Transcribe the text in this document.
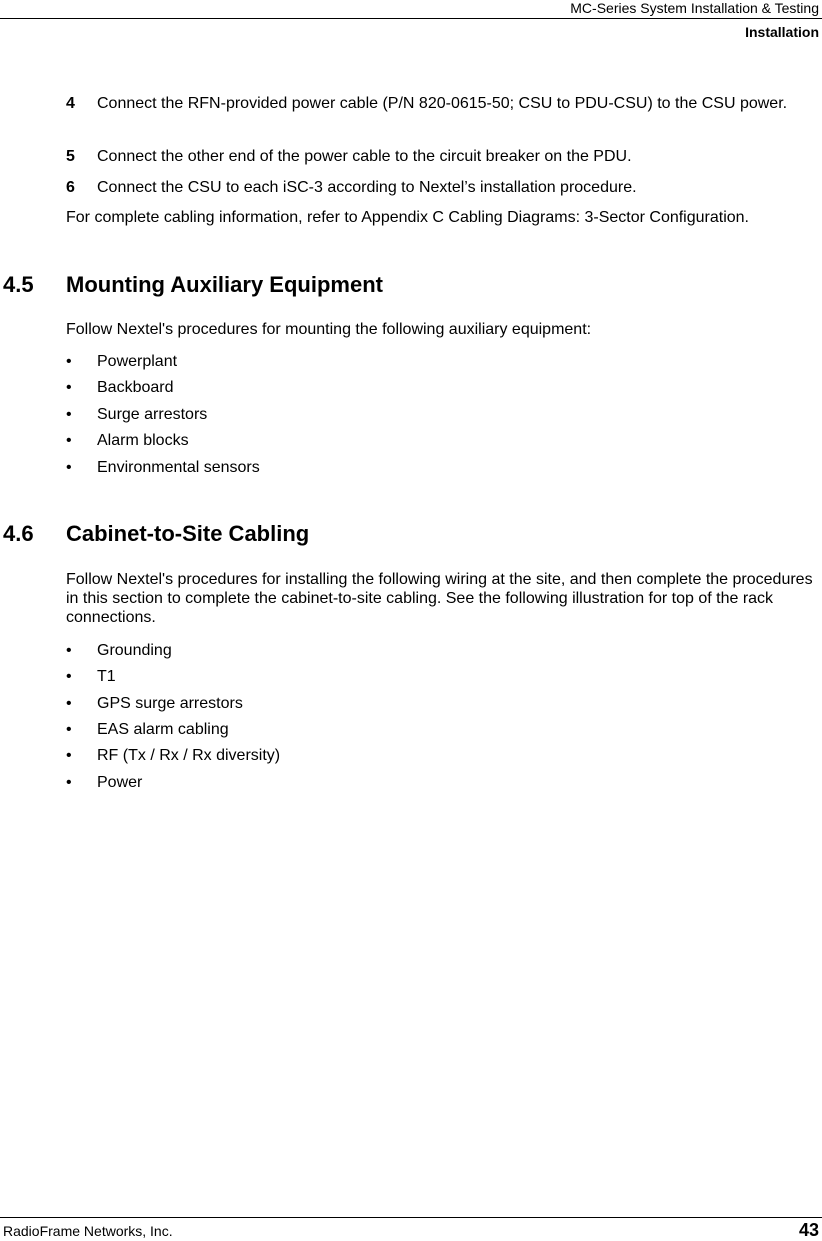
MC-Series System Installation & Testing
Installation
4 Connect the RFN-provided power cable (P/N 820-0615-50; CSU to PDU-CSU) to the CSU power.
5 Connect the other end of the power cable to the circuit breaker on the PDU.
6 Connect the CSU to each iSC-3 according to Nextel’s installation procedure.
For complete cabling information, refer to Appendix C Cabling Diagrams: 3-Sector Configuration.
4.5 Mounting Auxiliary Equipment
Follow Nextel's procedures for mounting the following auxiliary equipment:
• Powerplant
• Backboard
• Surge arrestors
• Alarm blocks
• Environmental sensors
4.6 Cabinet-to-Site Cabling
Follow Nextel's procedures for installing the following wiring at the site, and then complete the procedures in this section to complete the cabinet-to-site cabling. See the following illustration for top of the rack connections.
• Grounding
• T1
• GPS surge arrestors
• EAS alarm cabling
• RF (Tx / Rx / Rx diversity)
• Power
RadioFrame Networks, Inc.	43
